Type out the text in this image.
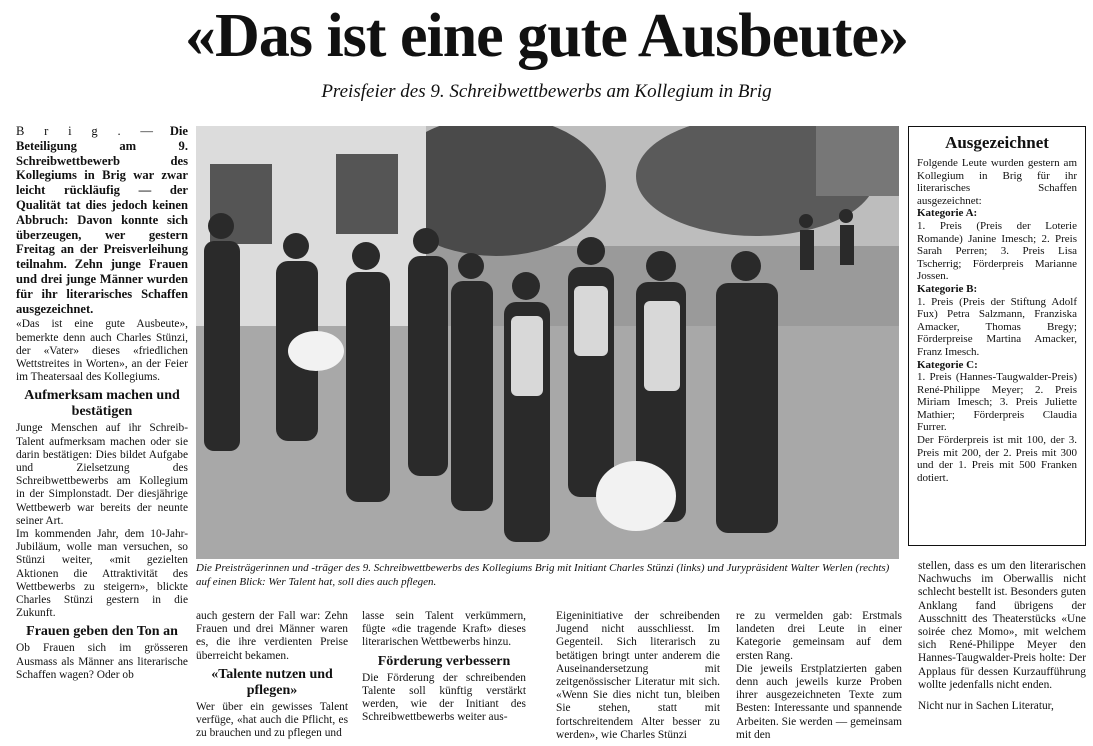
«Das ist eine gute Ausbeute»
Preisfeier des 9. Schreibwettbewerbs am Kollegium in Brig

B r i g . — Die Beteiligung am 9. Schreibwettbewerb des Kollegiums in Brig war zwar leicht rückläufig — der Qualität tat dies jedoch keinen Abbruch: Davon konnte sich überzeugen, wer gestern Freitag an der Preisverleihung teilnahm. Zehn junge Frauen und drei junge Männer wurden für ihr literarisches Schaffen ausgezeichnet.

«Das ist eine gute Ausbeute», bemerkte denn auch Charles Stünzi, der «Vater» dieses «friedlichen Wettstreites in Worten», an der Feier im Theatersaal des Kollegiums.

Aufmerksam machen und bestätigen

Junge Menschen auf ihr Schreib-Talent aufmerksam machen oder sie darin bestätigen: Dies bildet Aufgabe und Zielsetzung des Schreibwettbewerbs am Kollegium in der Simplonstadt. Der diesjährige Wettbewerb war bereits der neunte seiner Art.

Im kommenden Jahr, dem 10-Jahr-Jubiläum, wolle man versuchen, so Stünzi weiter, «mit gezielten Aktionen die Attraktivität des Wettbewerbs zu steigern», blickte Charles Stünzi gestern in die Zukunft.

Frauen geben den Ton an

Ob Frauen sich im grösseren Ausmass als Männer ans literarische Schaffen wagen? Oder ob

Die Preisträgerinnen und -träger des 9. Schreibwettbewerbs des Kollegiums Brig mit Initiant Charles Stünzi (links) und Jurypräsident Walter Werlen (rechts) auf einen Blick: Wer Talent hat, soll dies auch pflegen.
Ausgezeichnet

Folgende Leute wurden gestern am Kollegium in Brig für ihr literarisches Schaffen ausgezeichnet:

Kategorie A:

1. Preis (Preis der Loterie Romande) Janine Imesch; 2. Preis Sarah Perren; 3. Preis Lisa Tscherrig; Förderpreis Marianne Jossen.

Kategorie B:

1. Preis (Preis der Stiftung Adolf Fux) Petra Salzmann, Franziska Amacker, Thomas Bregy; Förderpreise Martina Amacker, Franz Imesch.

Kategorie C:

1. Preis (Hannes-Taugwalder-Preis) René-Philippe Meyer; 2. Preis Miriam Imesch; 3. Preis Juliette Mathier; Förderpreis Claudia Furrer.

Der Förderpreis ist mit 100, der 3. Preis mit 200, der 2. Preis mit 300 und der 1. Preis mit 500 Franken dotiert.

auch gestern der Fall war: Zehn Frauen und drei Männer waren es, die ihre verdienten Preise überreicht bekamen.

«Talente nutzen und pflegen»

Wer über ein gewisses Talent verfüge, «hat auch die Pflicht, es zu brauchen und zu pflegen und

lasse sein Talent verkümmern, fügte «die tragende Kraft» dieses literarischen Wettbewerbs hinzu.

Förderung verbessern

Die Förderung der schreibenden Talente soll künftig verstärkt werden, wie der Initiant des Schreibwettbewerbs weiter aus-

Eigeninitiative der schreibenden Jugend nicht ausschliesst. Im Gegenteil. Sich literarisch zu betätigen bringt unter anderem die Auseinandersetzung mit zeitgenössischer Literatur mit sich. «Wenn Sie dies nicht tun, bleiben Sie stehen, statt mit fortschreitendem Alter besser zu werden», wie Charles Stünzi

re zu vermelden gab: Erstmals landeten drei Leute in einer Kategorie gemeinsam auf dem ersten Rang.

Die jeweils Erstplatzierten gaben denn auch jeweils kurze Proben ihrer ausgezeichneten Texte zum Besten: Interessante und spannende Arbeiten. Sie werden — gemeinsam mit den

stellen, dass es um den literarischen Nachwuchs im Oberwallis nicht schlecht bestellt ist. Besonders guten Anklang fand übrigens der Ausschnitt des Theaterstücks «Une soirée chez Momo», mit welchem sich René-Philippe Meyer den Hannes-Taugwalder-Preis holte: Der Applaus für dessen Kurzaufführung wollte jedenfalls nicht enden.

Nicht nur in Sachen Literatur,
